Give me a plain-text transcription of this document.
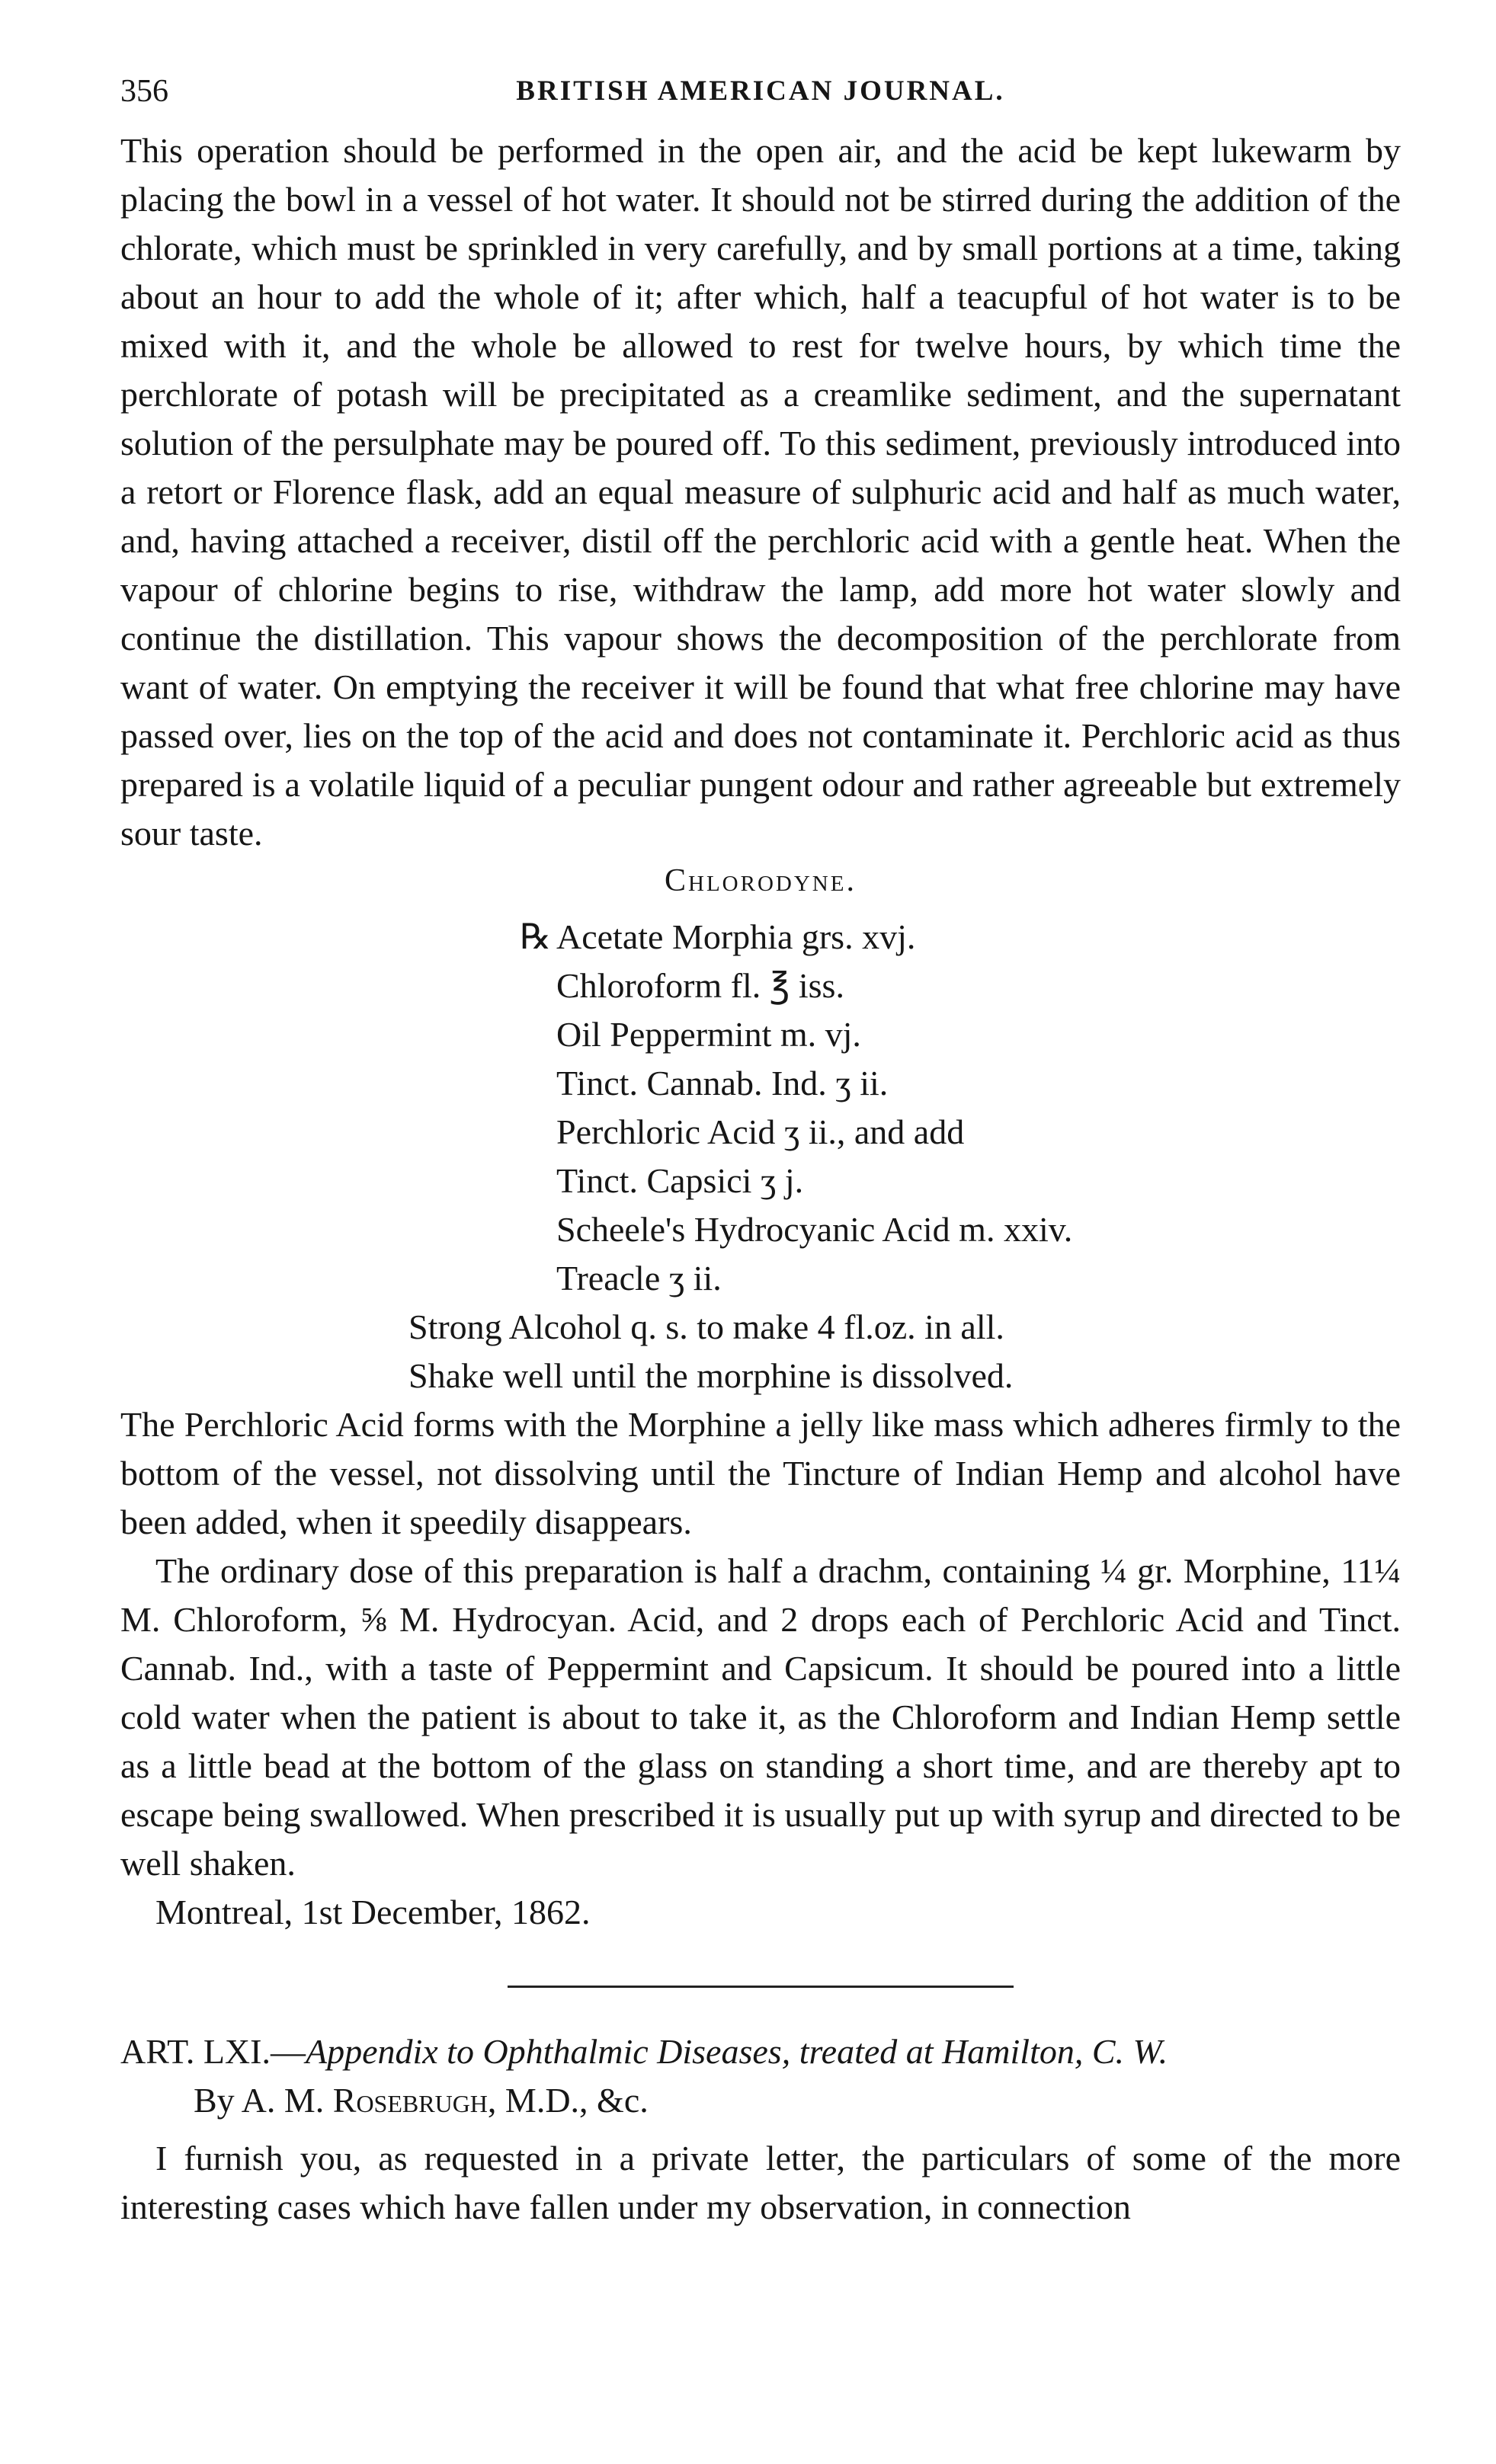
356	BRITISH AMERICAN JOURNAL.

This operation should be performed in the open air, and the acid be kept lukewarm by placing the bowl in a vessel of hot water. It should not be stirred during the addition of the chlorate, which must be sprinkled in very carefully, and by small portions at a time, taking about an hour to add the whole of it; after which, half a teacupful of hot water is to be mixed with it, and the whole be allowed to rest for twelve hours, by which time the perchlorate of potash will be precipitated as a creamlike sediment, and the supernatant solution of the persulphate may be poured off. To this sediment, previously introduced into a retort or Florence flask, add an equal measure of sulphuric acid and half as much water, and, having attached a receiver, distil off the perchloric acid with a gentle heat. When the vapour of chlorine begins to rise, withdraw the lamp, add more hot water slowly and continue the distillation. This vapour shows the decomposition of the perchlorate from want of water. On emptying the receiver it will be found that what free chlorine may have passed over, lies on the top of the acid and does not contaminate it. Perchloric acid as thus prepared is a volatile liquid of a peculiar pungent odour and rather agreeable but extremely sour taste.

Chlorodyne.
℞ Acetate Morphia grs. xvj.
Chloroform fl. ℥ iss.
Oil Peppermint m. vj.
Tinct. Cannab. Ind. ʒ ii.
Perchloric Acid ʒ ii., and add
Tinct. Capsici ʒ j.
Scheele's Hydrocyanic Acid m. xxiv.
Treacle ʒ ii.
Strong Alcohol q. s. to make 4 fl.oz. in all.
Shake well until the morphine is dissolved.

The Perchloric Acid forms with the Morphine a jelly like mass which adheres firmly to the bottom of the vessel, not dissolving until the Tincture of Indian Hemp and alcohol have been added, when it speedily disappears.

The ordinary dose of this preparation is half a drachm, containing ¼ gr. Morphine, 11¼ M. Chloroform, ⅝ M. Hydrocyan. Acid, and 2 drops each of Perchloric Acid and Tinct. Cannab. Ind., with a taste of Peppermint and Capsicum. It should be poured into a little cold water when the patient is about to take it, as the Chloroform and Indian Hemp settle as a little bead at the bottom of the glass on standing a short time, and are thereby apt to escape being swallowed. When prescribed it is usually put up with syrup and directed to be well shaken.

Montreal, 1st December, 1862.

ART. LXI.—Appendix to Ophthalmic Diseases, treated at Hamilton, C. W.

By A. M. Rosebrugh, M.D., &c.

I furnish you, as requested in a private letter, the particulars of some of the more interesting cases which have fallen under my observation, in connection
